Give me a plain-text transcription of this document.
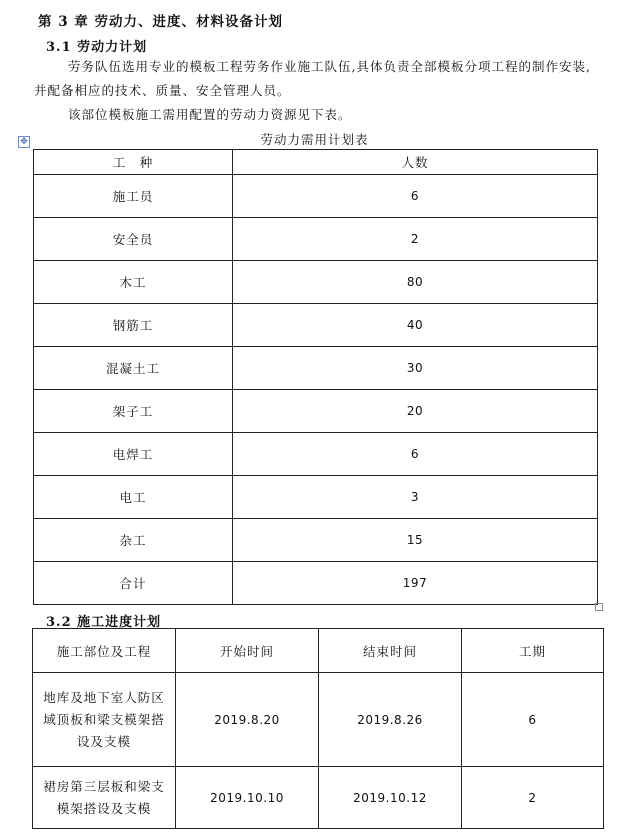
第 3 章 劳动力、进度、材料设备计划
3.1 劳动力计划
劳务队伍选用专业的模板工程劳务作业施工队伍,具体负责全部模板分项工程的制作安装,并配备相应的技术、质量、安全管理人员。
该部位模板施工需用配置的劳动力资源见下表。
✥	劳动力需用计划表
工　种	人数
施工员	6
安全员	2
木工	80
钢筋工	40
混凝土工	30
架子工	20
电焊工	6
电工	3
杂工	15
合计	197
3.2 施工进度计划
施工部位及工程	开始时间	结束时间	工期
地库及地下室人防区域顶板和梁支模架搭设及支模	2019.8.20	2019.8.26	6
裙房第三层板和梁支模架搭设及支模	2019.10.10	2019.10.12	2
